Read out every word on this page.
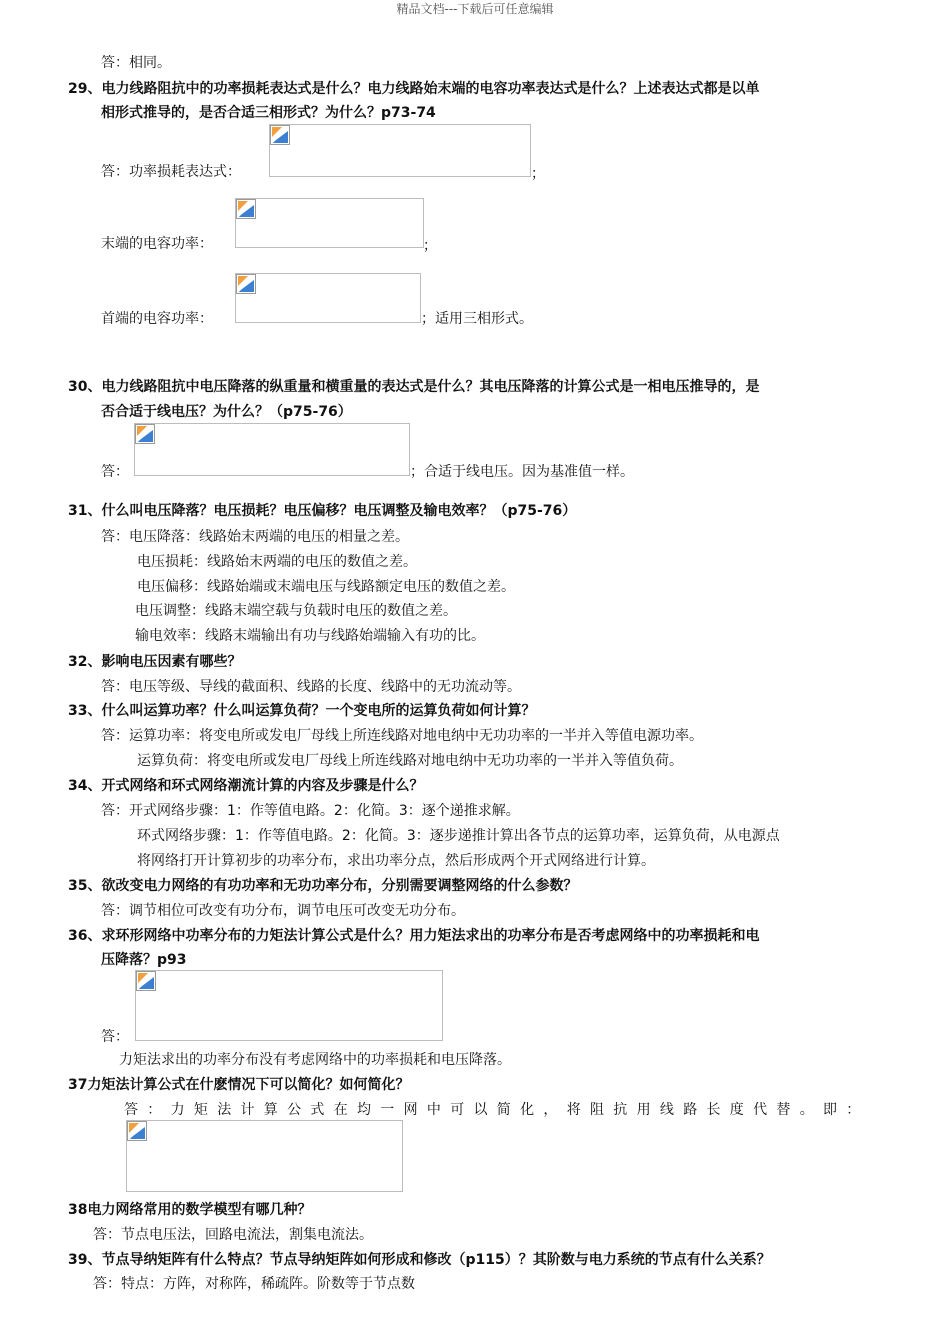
精品文档---下载后可任意编辑
答：相同。
29、电力线路阻抗中的功率损耗表达式是什么？电力线路始末端的电容功率表达式是什么？上述表达式都是以单
相形式推导的，是否合适三相形式？为什么？p73-74
答：功率损耗表达式：	；
末端的电容功率：	；
首端的电容功率：	；适用三相形式。
30、电力线路阻抗中电压降落的纵重量和横重量的表达式是什么？其电压降落的计算公式是一相电压推导的，是
否合适于线电压？为什么？（p75-76）
答：	；合适于线电压。因为基准值一样。
31、什么叫电压降落？电压损耗？电压偏移？电压调整及输电效率？（p75-76）
答：电压降落：线路始末两端的电压的相量之差。
电压损耗：线路始末两端的电压的数值之差。
电压偏移：线路始端或末端电压与线路额定电压的数值之差。
电压调整：线路末端空载与负载时电压的数值之差。
输电效率：线路末端输出有功与线路始端输入有功的比。
32、影响电压因素有哪些？
答：电压等级、导线的截面积、线路的长度、线路中的无功流动等。
33、什么叫运算功率？什么叫运算负荷？一个变电所的运算负荷如何计算？
答：运算功率：将变电所或发电厂母线上所连线路对地电纳中无功功率的一半并入等值电源功率。
运算负荷：将变电所或发电厂母线上所连线路对地电纳中无功功率的一半并入等值负荷。
34、开式网络和环式网络潮流计算的内容及步骤是什么？
答：开式网络步骤：1：作等值电路。2：化简。3：逐个递推求解。
环式网络步骤：1：作等值电路。2：化简。3：逐步递推计算出各节点的运算功率，运算负荷，从电源点
将网络打开计算初步的功率分布，求出功率分点，然后形成两个开式网络进行计算。
35、欲改变电力网络的有功功率和无功功率分布，分别需要调整网络的什么参数？
答：调节相位可改变有功分布，调节电压可改变无功分布。
36、求环形网络中功率分布的力矩法计算公式是什么？用力矩法求出的功率分布是否考虑网络中的功率损耗和电
压降落？p93
答：
力矩法求出的功率分布没有考虑网络中的功率损耗和电压降落。
37力矩法计算公式在什麽情况下可以简化？如何简化？
答：力矩法计算公式在均一网中可以简化，将阻抗用线路长度代替。即：
38电力网络常用的数学模型有哪几种？
答：节点电压法，回路电流法，割集电流法。
39、节点导纳矩阵有什么特点？节点导纳矩阵如何形成和修改（p115）？其阶数与电力系统的节点有什么关系？
答：特点：方阵，对称阵，稀疏阵。阶数等于节点数
